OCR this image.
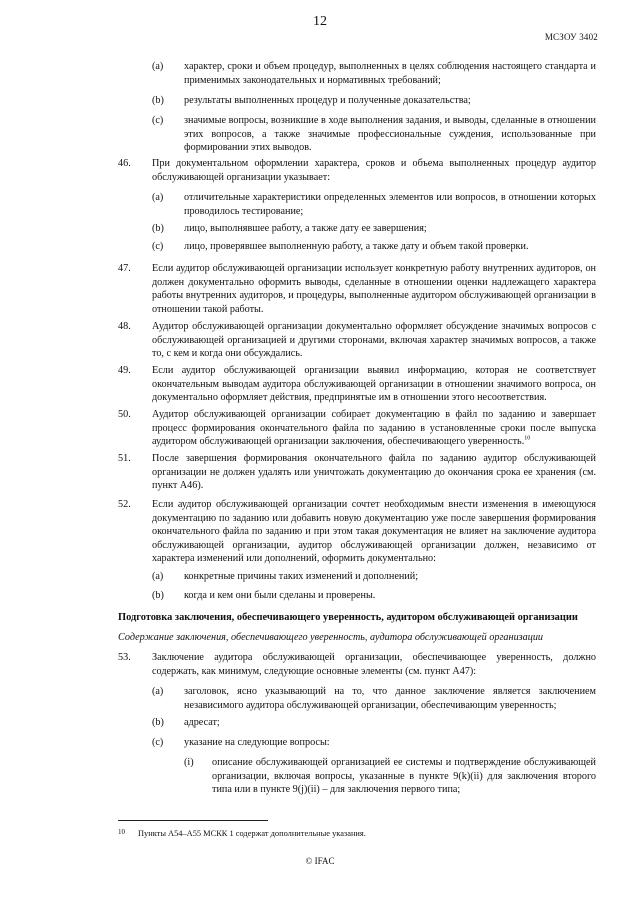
12
МСЗОУ 3402
(a) характер, сроки и объем процедур, выполненных в целях соблюдения настоящего стандарта и применимых законодательных и нормативных требований;
(b) результаты выполненных процедур и полученные доказательства;
(c) значимые вопросы, возникшие в ходе выполнения задания, и выводы, сделанные в отношении этих вопросов, а также значимые профессиональные суждения, использованные при формировании этих выводов.
46. При документальном оформлении характера, сроков и объема выполненных процедур аудитор обслуживающей организации указывает:
(a) отличительные характеристики определенных элементов или вопросов, в отношении которых проводилось тестирование;
(b) лицо, выполнявшее работу, а также дату ее завершения;
(c) лицо, проверявшее выполненную работу, а также дату и объем такой проверки.
47. Если аудитор обслуживающей организации использует конкретную работу внутренних аудиторов, он должен документально оформить выводы, сделанные в отношении оценки надлежащего характера работы внутренних аудиторов, и процедуры, выполненные аудитором обслуживающей организации в отношении такой работы.
48. Аудитор обслуживающей организации документально оформляет обсуждение значимых вопросов с обслуживающей организацией и другими сторонами, включая характер значимых вопросов, а также то, с кем и когда они обсуждались.
49. Если аудитор обслуживающей организации выявил информацию, которая не соответствует окончательным выводам аудитора обслуживающей организации в отношении значимого вопроса, он документально оформляет действия, предпринятые им в отношении этого несоответствия.
50. Аудитор обслуживающей организации собирает документацию в файл по заданию и завершает процесс формирования окончательного файла по заданию в установленные сроки после выпуска аудитором обслуживающей организации заключения, обеспечивающего уверенность.$^{10}$
51. После завершения формирования окончательного файла по заданию аудитор обслуживающей организации не должен удалять или уничтожать документацию до окончания срока ее хранения (см. пункт A46).
52. Если аудитор обслуживающей организации сочтет необходимым внести изменения в имеющуюся документацию по заданию или добавить новую документацию уже после завершения формирования окончательного файла по заданию и при этом такая документация не влияет на заключение аудитора обслуживающей организации, аудитор обслуживающей организации должен, независимо от характера изменений или дополнений, оформить документально:
(a) конкретные причины таких изменений и дополнений;
(b) когда и кем они были сделаны и проверены.
Подготовка заключения, обеспечивающего уверенность, аудитором обслуживающей организации
Содержание заключения, обеспечивающего уверенность, аудитора обслуживающей организации
53. Заключение аудитора обслуживающей организации, обеспечивающее уверенность, должно содержать, как минимум, следующие основные элементы (см. пункт A47):
(a) заголовок, ясно указывающий на то, что данное заключение является заключением независимого аудитора обслуживающей организации, обеспечивающим уверенность;
(b) адресат;
(c) указание на следующие вопросы:
(i) описание обслуживающей организацией ее системы и подтверждение обслуживающей организации, включая вопросы, указанные в пункте 9(k)(ii) для заключения второго типа или в пункте 9(j)(ii) – для заключения первого типа;
10 Пункты A54–A55 МСКК 1 содержат дополнительные указания.
© IFAC
